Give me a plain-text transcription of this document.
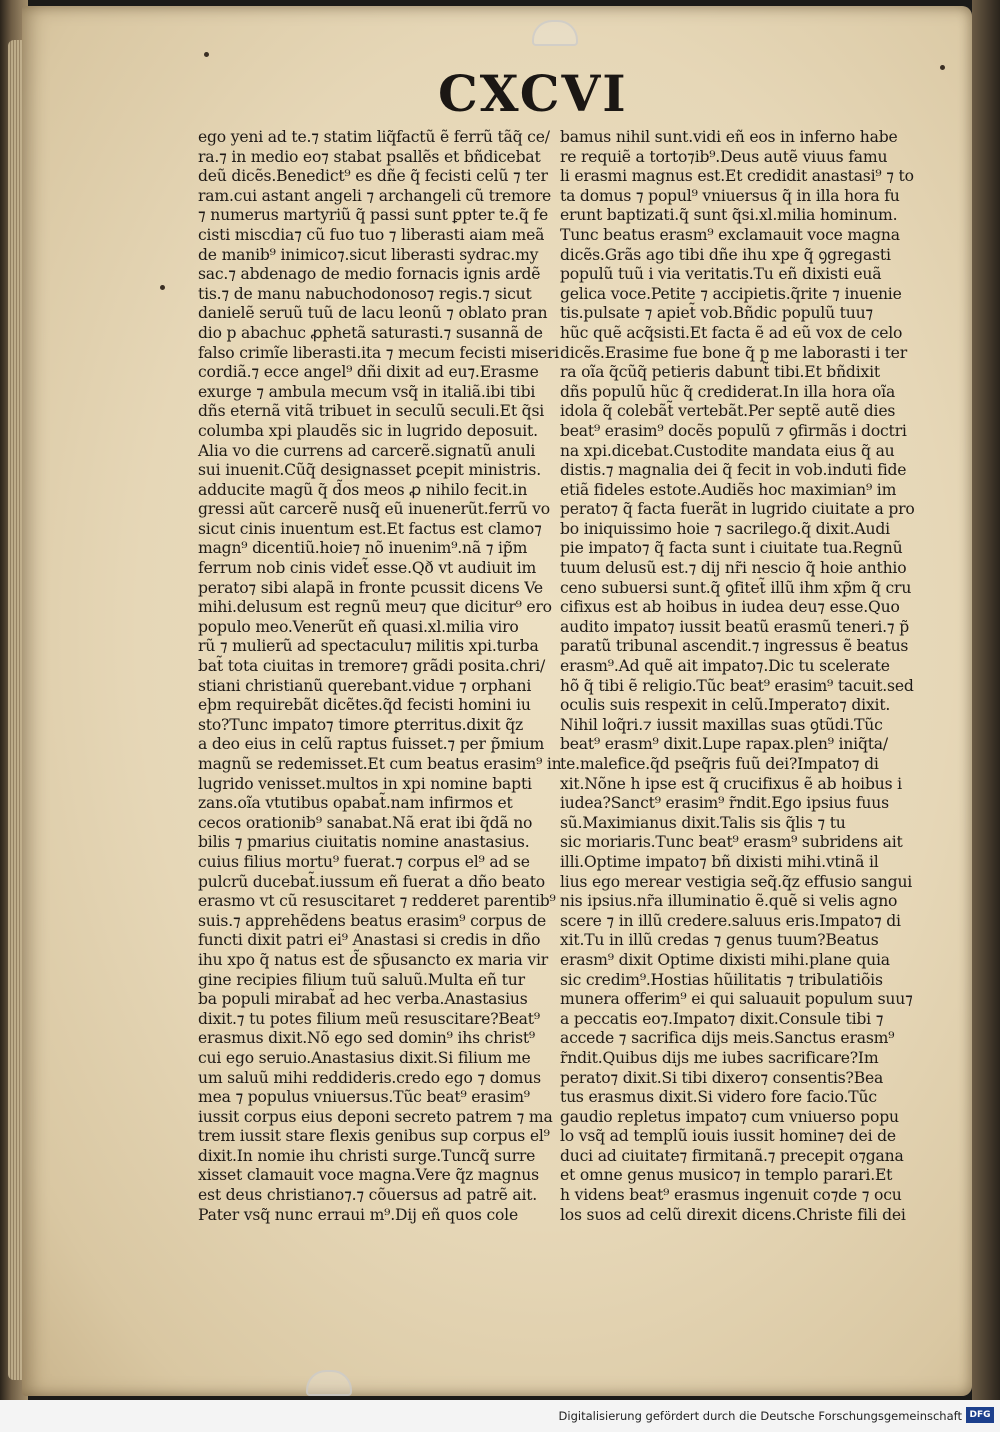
CXCVI
ego yeni ad te.⁊ statim liq̃factũ ẽ ferrũ tãq̃ ce/
ra.⁊ in medio eo⁊ stabat psallẽs et bñdicebat
deũ dicẽs.Benedict⁹ es dñe q̃ fecisti celũ ⁊ ter
ram.cui astant angeli ⁊ archangeli cũ tremore
⁊ numerus martyriũ q̃ passi sunt ꝑpter te.q̃ fe
cisti miscdia⁊ cũ fuo tuo ⁊ liberasti aiam meã
de manib⁹ inimico⁊.sicut liberasti sydrac.my
sac.⁊ abdenago de medio fornacis ignis ardẽ
tis.⁊ de manu nabuchodonoso⁊ regis.⁊ sicut
danielẽ seruũ tuũ de lacu leonũ ⁊ oblato pran
dio p abachuc ꝓphetã saturasti.⁊ susannã de
falso crimĩe liberasti.ita ⁊ mecum fecisti miseri
cordiã.⁊ ecce angel⁹ dñi dixit ad eu⁊.Erasme
exurge ⁊ ambula mecum vsq̃ in italiã.ibi tibi
dñs eternã vitã tribuet in seculũ seculi.Et q̃si
columba xpi plaudẽs sic in lugrido deposuit.
Alia vo die currens ad carcerẽ.signatũ anuli
sui inuenit.Cũq̃ designasset ꝑcepit ministris.
adducite magũ q̃ d̃os meos ꝓ nihilo fecit.in
gressi aũt carcerẽ nusq̃ eũ inuenerũt.ferrũ vo
sicut cinis inuentum est.Et factus est clamo⁊
magn⁹ dicentiũ.hoie⁊ nõ inuenim⁹.nã ⁊ ip̃m
ferrum nob cinis videt̃ esse.Qð vt audiuit im
perato⁊ sibi alapã in fronte pcussit dicens Ve
mihi.delusum est regnũ meu⁊ que dicitur⁹ ero
populo meo.Venerũt eñ quasi.xl.milia viro
rũ ⁊ mulierũ ad spectaculu⁊ militis xpi.turba
bat̃ tota ciuitas in tremore⁊ grãdi posita.chri/
stiani christianũ querebant.vidue ⁊ orphani
eþm requirebãt dicẽtes.q̃d fecisti homini iu
sto?Tunc impato⁊ timore ꝑterritus.dixit q̃z
a deo eius in celũ raptus fuisset.⁊ per p̃mium
magnũ se redemisset.Et cum beatus erasim⁹ in
lugrido venisset.multos in xpi nomine bapti
zans.oĩa vtutibus opabat̃.nam infirmos et
cecos orationib⁹ sanabat.Nã erat ibi q̃dã no
bilis ⁊ pmarius ciuitatis nomine anastasius.
cuius filius mortu⁹ fuerat.⁊ corpus el⁹ ad se
pulcrũ ducebat̃.iussum eñ fuerat a dño beato
erasmo vt cũ resuscitaret ⁊ redderet parentib⁹
suis.⁊ apprehẽdens beatus erasim⁹ corpus de
functi dixit patri ei⁹ Anastasi si credis in dño
ihu xpo q̃ natus est d̃e sp̃usancto ex maria vir
gine recipies filium tuũ saluũ.Multa eñ tur
ba populi mirabat̃ ad hec verba.Anastasius
dixit.⁊ tu potes filium meũ resuscitare?Beat⁹
erasmus dixit.Nõ ego sed domin⁹ ihs christ⁹
cui ego seruio.Anastasius dixit.Si filium me
um saluũ mihi reddideris.credo ego ⁊ domus
mea ⁊ populus vniuersus.Tũc beat⁹ erasim⁹
iussit corpus eius deponi secreto patrem ⁊ ma
trem iussit stare flexis genibus sup corpus el⁹
dixit.In nomie ihu christi surge.Tuncq̃ surre
xisset clamauit voce magna.Vere q̃z magnus
est deus christiano⁊.⁊ cõuersus ad patrẽ ait.
Pater vsq̃ nunc erraui m⁹.Dij eñ quos cole
bamus nihil sunt.vidi eñ eos in inferno habe
re requiẽ a torto⁊ib⁹.Deus autẽ viuus famu
li erasmi magnus est.Et credidit anastasi⁹ ⁊ to
ta domus ⁊ popul⁹ vniuersus q̃ in illa hora fu
erunt baptizati.q̃ sunt q̃si.xl.milia hominum.
Tunc beatus erasm⁹ exclamauit voce magna
dicẽs.Grãs ago tibi dñe ihu xpe q̃ ꝯgregasti
populũ tuũ i via veritatis.Tu eñ dixisti euã
gelica voce.Petite ⁊ accipietis.q̃rite ⁊ inuenie
tis.pulsate ⁊ apiet̃ vob.Bñdic populũ tuu⁊
hũc quẽ acq̃sisti.Et facta ẽ ad eũ vox de celo
dicẽs.Erasime fue bone q̃ p me laborasti i ter
ra oĩa q̃cũq̃ petieris dabunt̃ tibi.Et bñdixit
dñs populũ hũc q̃ crediderat.In illa hora oĩa
idola q̃ colebãt̃ vertebãt.Per septẽ autẽ dies
beat⁹ erasim⁹ docẽs populũ ⁊ ꝯfirmãs i doctri
na xpi.dicebat.Custodite mandata eius q̃ au
distis.⁊ magnalia dei q̃ fecit in vob.induti fide
etiã fideles estote.Audiẽs hoc maximian⁹ im
perato⁊ q̃ facta fuerãt in lugrido ciuitate a pro
bo iniquissimo hoie ⁊ sacrilego.q̃ dixit.Audi
pie impato⁊ q̃ facta sunt i ciuitate tua.Regnũ
tuum delusũ est.⁊ dij nr̃i nescio q̃ hoie anthio
ceno subuersi sunt.q̃ ꝯfitet̃ illũ ihm xp̃m q̃ cru
cifixus est ab hoibus in iudea deu⁊ esse.Quo
audito impato⁊ iussit beatũ erasmũ teneri.⁊ p̃
paratũ tribunal ascendit.⁊ ingressus ẽ beatus
erasm⁹.Ad quẽ ait impato⁊.Dic tu scelerate
hõ q̃ tibi ẽ religio.Tũc beat⁹ erasim⁹ tacuit.sed
oculis suis respexit in celũ.Imperato⁊ dixit.
Nihil loq̃ri.⁊ iussit maxillas suas ꝯtũdi.Tũc
beat⁹ erasm⁹ dixit.Lupe rapax.plen⁹ iniq̃ta/
te.malefice.q̃d pseq̃ris fuũ dei?Impato⁊ di
xit.Nõne h ipse est q̃ crucifixus ẽ ab hoibus i
iudea?Sanct⁹ erasim⁹ r̃ndit.Ego ipsius fuus
sũ.Maximianus dixit.Talis sis q̃lis ⁊ tu
sic moriaris.Tunc beat⁹ erasm⁹ subridens ait
illi.Optime impato⁊ bñ dixisti mihi.vtinã il
lius ego merear vestigia seq̃.q̃z effusio sangui
nis ipsius.nr̃a illuminatio ẽ.quẽ si velis agno
scere ⁊ in illũ credere.saluus eris.Impato⁊ di
xit.Tu in illũ credas ⁊ genus tuum?Beatus
erasm⁹ dixit Optime dixisti mihi.plane quia
sic credim⁹.Hostias hũilitatis ⁊ tribulatiõis
munera offerim⁹ ei qui saluauit populum suu⁊
a peccatis eo⁊.Impato⁊ dixit.Consule tibi ⁊
accede ⁊ sacrifica dijs meis.Sanctus erasm⁹
r̃ndit.Quibus dijs me iubes sacrificare?Im
perato⁊ dixit.Si tibi dixero⁊ consentis?Bea
tus erasmus dixit.Si videro fore facio.Tũc
gaudio repletus impato⁊ cum vniuerso popu
lo vsq̃ ad templũ iouis iussit homine⁊ dei de
duci ad ciuitate⁊ firmitanã.⁊ precepit o⁊gana
et omne genus musico⁊ in templo parari.Et
h videns beat⁹ erasmus ingenuit co⁊de ⁊ ocu
los suos ad celũ direxit dicens.Christe fili dei
Digitalisierung gefördert durch die Deutsche Forschungsgemeinschaft DFG
